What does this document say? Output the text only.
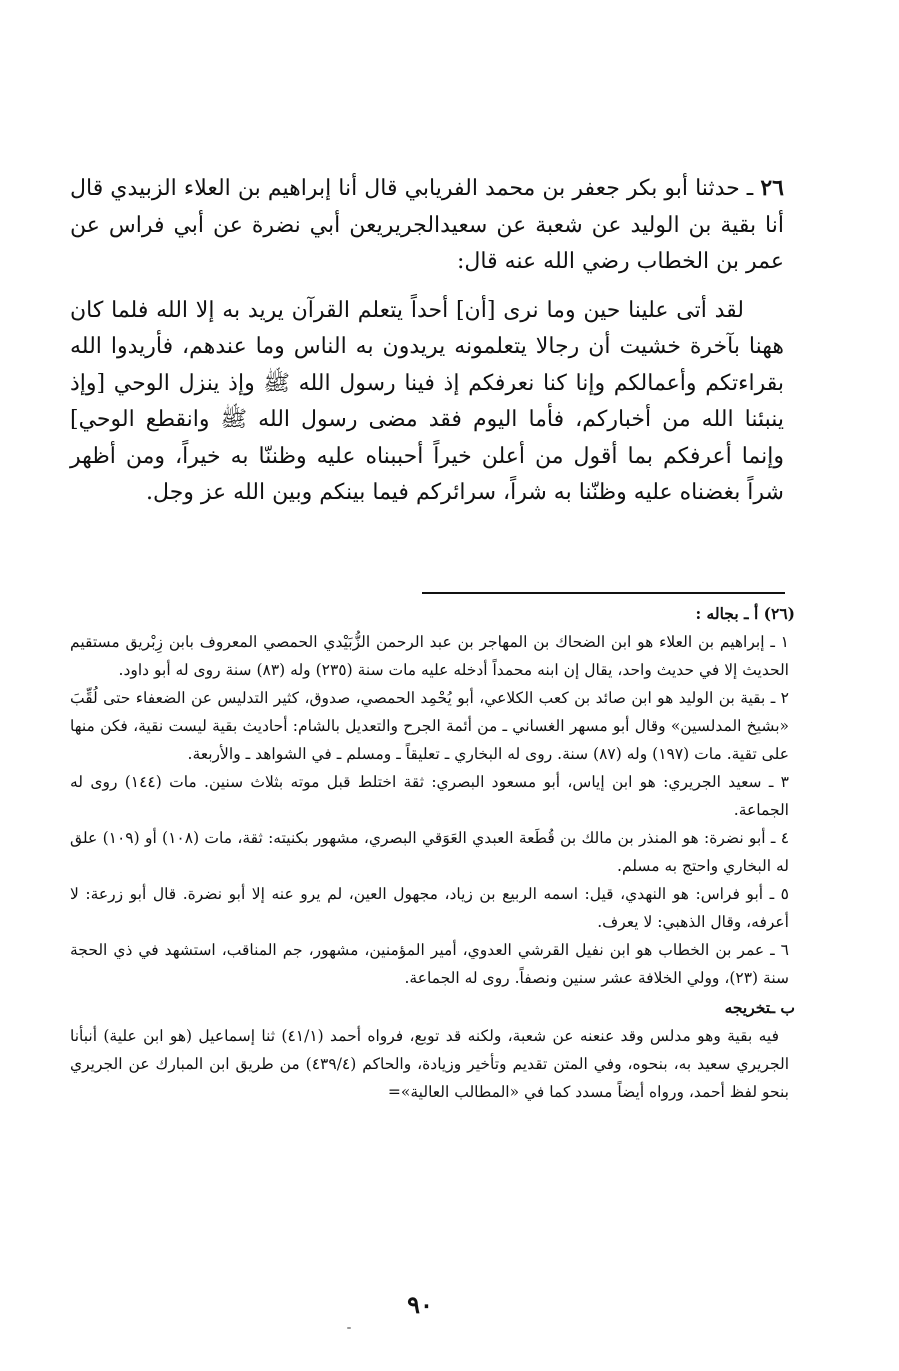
٢٦ ـ حدثنا أبو بكر جعفر بن محمد الفريابي قال أنا إبراهيم بن العلاء الزبيدي قال أنا بقية بن الوليد عن شعبة عن سعيدالجريريعن أبي نضرة عن أبي فراس عن عمر بن الخطاب رضي الله عنه قال:

لقد أتى علينا حين وما نرى [أن] أحداً يتعلم القرآن يريد به إلا الله فلما كان ههنا بآخرة خشيت أن رجالا يتعلمونه يريدون به الناس وما عندهم، فأريدوا الله بقراءتكم وأعمالكم وإنا كنا نعرفكم إذ فينا رسول الله ﷺ وإذ ينزل الوحي [وإذ ينبئنا الله من أخباركم، فأما اليوم فقد مضى رسول الله ﷺ وانقطع الوحي] وإنما أعرفكم بما أقول من أعلن خيراً أحببناه عليه وظننّا به خيراً، ومن أظهر شراً بغضناه عليه وظنّنا به شراً، سرائركم فيما بينكم وبين الله عز وجل.

(٢٦) أ ـ بجاله :

١ ـ إبراهيم بن العلاء هو ابن الضحاك بن المهاجر بن عبد الرحمن الزُّبَيْدي الحمصي المعروف بابن زِبْريق مستقيم الحديث إلا في حديث واحد، يقال إن ابنه محمداً أدخله عليه مات سنة (٢٣٥) وله (٨٣) سنة روى له أبو داود.

٢ ـ بقية بن الوليد هو ابن صائد بن كعب الكلاعي، أبو يُحْمِد الحمصي، صدوق، كثير التدليس عن الضعفاء حتى لُقِّبَ «بشيخ المدلسين» وقال أبو مسهر الغساني ـ من أئمة الجرح والتعديل بالشام: أحاديث بقية ليست نقية، فكن منها على تقية. مات (١٩٧) وله (٨٧) سنة. روى له البخاري ـ تعليقاً ـ ومسلم ـ في الشواهد ـ والأربعة.

٣ ـ سعيد الجريري: هو ابن إياس، أبو مسعود البصري: ثقة اختلط قبل موته بثلاث سنين. مات (١٤٤) روى له الجماعة.

٤ ـ أبو نضرة: هو المنذر بن مالك بن قُطَعة العبدي العَوَقي البصري، مشهور بكنيته: ثقة، مات (١٠٨) أو (١٠٩) علق له البخاري واحتج به مسلم.

٥ ـ أبو فراس: هو النهدي، قيل: اسمه الربيع بن زياد، مجهول العين، لم يرو عنه إلا أبو نضرة. قال أبو زرعة: لا أعرفه، وقال الذهبي: لا يعرف.

٦ ـ عمر بن الخطاب هو ابن نفيل القرشي العدوي، أمير المؤمنين، مشهور، جم المناقب، استشهد في ذي الحجة سنة (٢٣)، وولي الخلافة عشر سنين ونصفاً. روى له الجماعة.

ب ـتخريجه

فيه بقية وهو مدلس وقد عنعنه عن شعبة، ولكنه قد توبع، فرواه أحمد (٤١/١) ثنا إسماعيل (هو ابن علية) أنبأنا الجريري سعيد به، بنحوه، وفي المتن تقديم وتأخير وزيادة، والحاكم (٤٣٩/٤) من طريق ابن المبارك عن الجريري بنحو لفظ أحمد، ورواه أيضاً مسدد كما في «المطالب العالية»=

٩٠
